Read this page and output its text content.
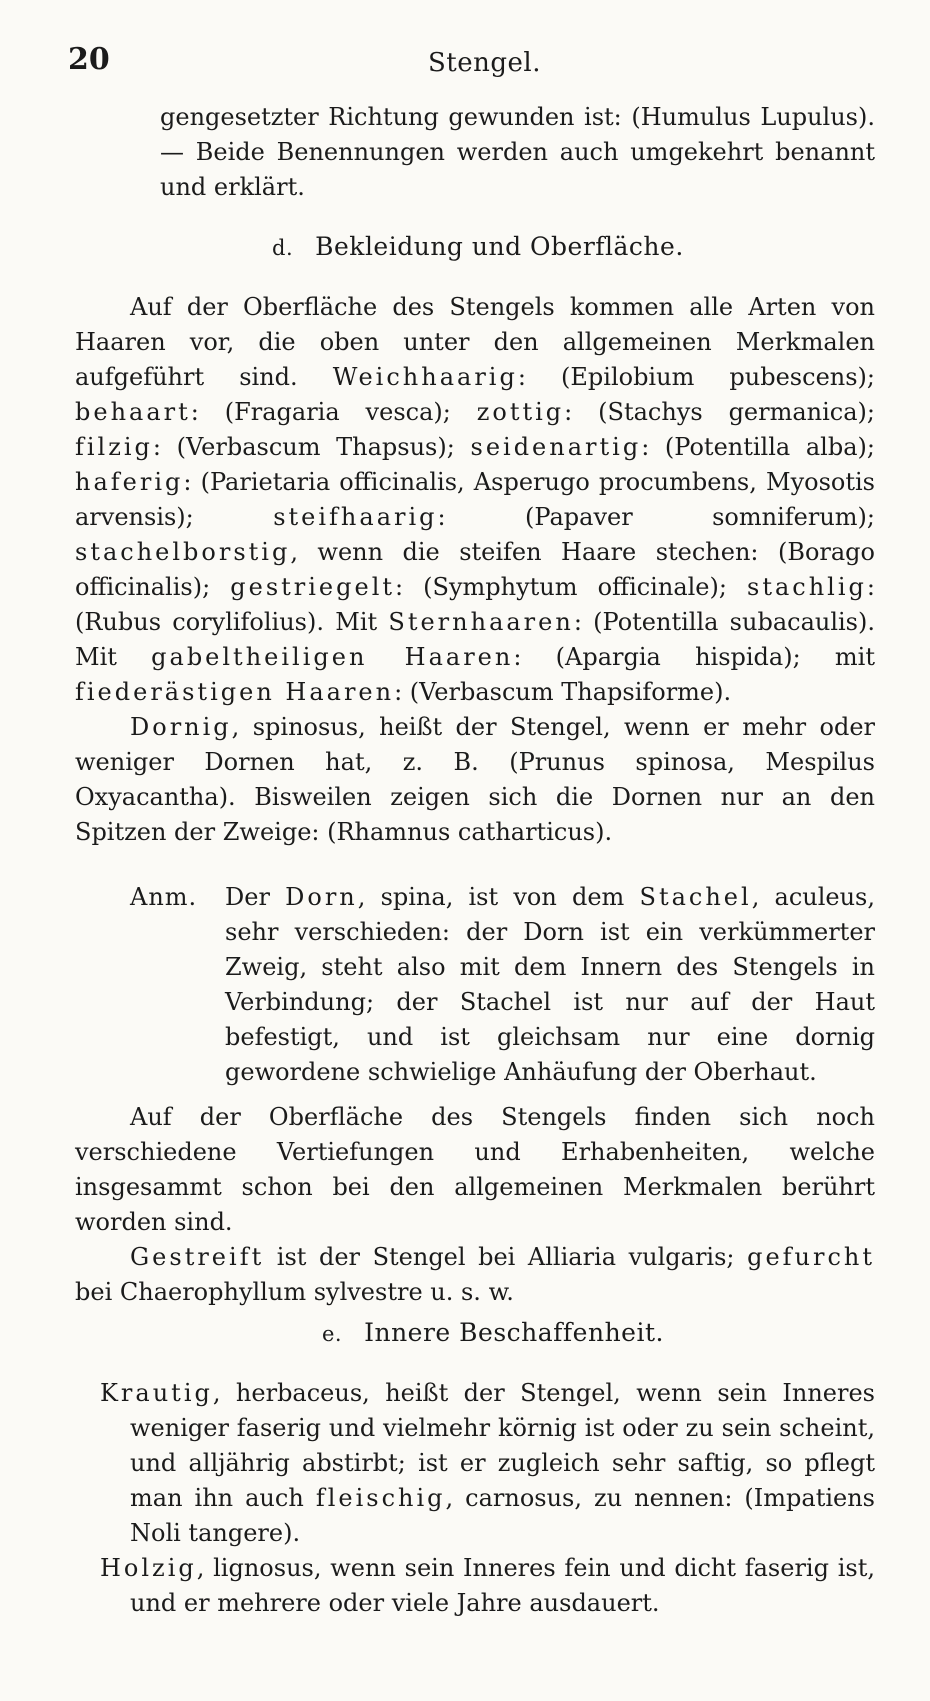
20	Stengel.

gengesetzter Richtung gewunden ist: (Humulus Lupulus). — Beide Benennungen werden auch umgekehrt benannt und erklärt.

d. Bekleidung und Oberfläche.

Auf der Oberfläche des Stengels kommen alle Arten von Haaren vor, die oben unter den allgemeinen Merkmalen aufgeführt sind. Weichhaarig: (Epilobium pubescens); behaart: (Fragaria vesca); zottig: (Stachys germanica); filzig: (Verbascum Thapsus); seidenartig: (Potentilla alba); haferig: (Parietaria officinalis, Asperugo procumbens, Myosotis arvensis);	steifhaarig: (Papaver somniferum); stachelborstig, wenn die steifen Haare stechen: (Borago officinalis); gestriegelt: (Symphytum officinale); stachlig: (Rubus corylifolius). Mit Sternhaaren: (Potentilla subacaulis). Mit gabeltheiligen Haaren: (Apargia hispida); mit fiederästigen Haaren: (Verbascum Thapsiforme).

Dornig, spinosus, heißt der Stengel, wenn er mehr oder weniger Dornen hat, z. B. (Prunus spinosa, Mespilus Oxyacantha). Bisweilen zeigen sich die Dornen nur an den Spitzen der Zweige: (Rhamnus catharticus).

Anm. Der Dorn, spina, ist von dem Stachel, aculeus, sehr verschieden: der Dorn ist ein verkümmerter Zweig, steht also mit dem Innern des Stengels in Verbindung; der Stachel ist nur auf der Haut befestigt, und ist gleichsam nur eine dornig gewordene schwielige Anhäufung der Oberhaut.

Auf der Oberfläche des Stengels finden sich noch verschiedene Vertiefungen und Erhabenheiten, welche insgesammt schon bei den allgemeinen Merkmalen berührt worden sind.

Gestreift ist der Stengel bei Alliaria vulgaris; gefurcht bei Chaerophyllum sylvestre u. s. w.

e. Innere Beschaffenheit.

Krautig, herbaceus, heißt der Stengel, wenn sein Inneres weniger faserig und vielmehr körnig ist oder zu sein scheint, und alljährig abstirbt; ist er zugleich sehr saftig, so pflegt man ihn auch fleischig, carnosus, zu nennen: (Impatiens Noli tangere).

Holzig, lignosus, wenn sein Inneres fein und dicht faserig ist, und er mehrere oder viele Jahre ausdauert.
